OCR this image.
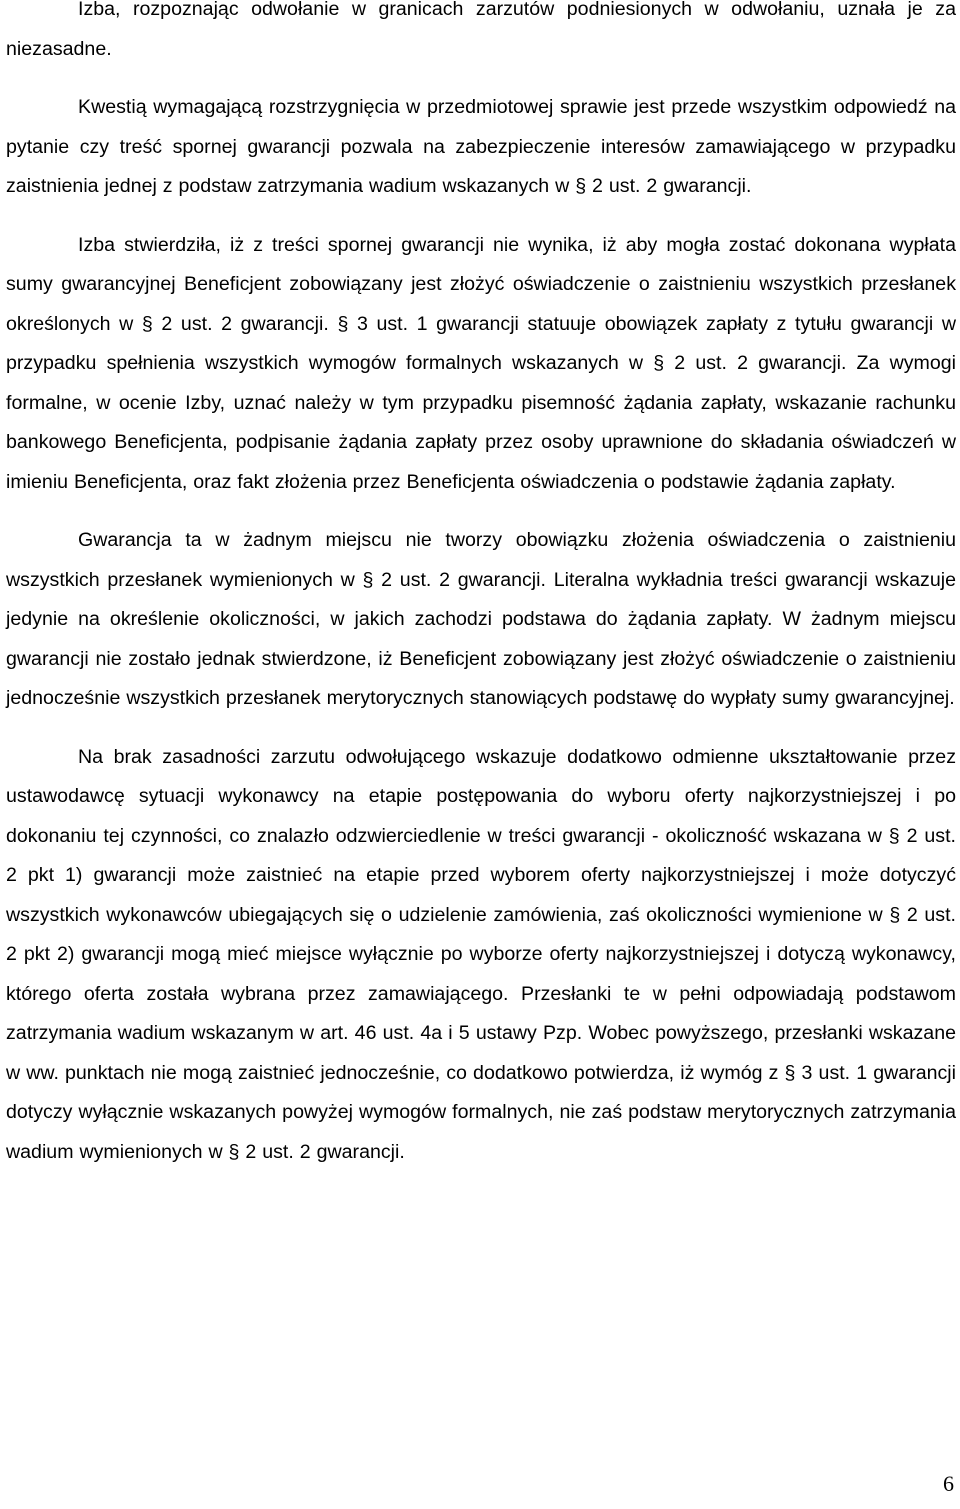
Izba, rozpoznając odwołanie w granicach zarzutów podniesionych w odwołaniu, uznała je za niezasadne.

Kwestią wymagającą rozstrzygnięcia w przedmiotowej sprawie jest przede wszystkim odpowiedź na pytanie czy treść spornej gwarancji pozwala na zabezpieczenie interesów zamawiającego w przypadku zaistnienia jednej z podstaw zatrzymania wadium wskazanych w § 2 ust. 2 gwarancji.

Izba stwierdziła, iż z treści spornej gwarancji nie wynika, iż aby mogła zostać dokonana wypłata sumy gwarancyjnej Beneficjent zobowiązany jest złożyć oświadczenie o zaistnieniu wszystkich przesłanek określonych w § 2 ust. 2 gwarancji. § 3 ust. 1 gwarancji statuuje obowiązek zapłaty z tytułu gwarancji w przypadku spełnienia wszystkich wymogów formalnych wskazanych w § 2 ust. 2 gwarancji. Za wymogi formalne, w ocenie Izby, uznać należy w tym przypadku pisemność żądania zapłaty, wskazanie rachunku bankowego Beneficjenta, podpisanie żądania zapłaty przez osoby uprawnione do składania oświadczeń w imieniu Beneficjenta, oraz fakt złożenia przez Beneficjenta oświadczenia o podstawie żądania zapłaty.

Gwarancja ta w żadnym miejscu nie tworzy obowiązku złożenia oświadczenia o zaistnieniu wszystkich przesłanek wymienionych w § 2 ust. 2 gwarancji. Literalna wykładnia treści gwarancji wskazuje jedynie na określenie okoliczności, w jakich zachodzi podstawa do żądania zapłaty. W żadnym miejscu gwarancji nie zostało jednak stwierdzone, iż Beneficjent zobowiązany jest złożyć oświadczenie o zaistnieniu jednocześnie wszystkich przesłanek merytorycznych stanowiących podstawę do wypłaty sumy gwarancyjnej.

Na brak zasadności zarzutu odwołującego wskazuje dodatkowo odmienne ukształtowanie przez ustawodawcę sytuacji wykonawcy na etapie postępowania do wyboru oferty najkorzystniejszej i po dokonaniu tej czynności, co znalazło odzwierciedlenie w treści gwarancji - okoliczność wskazana w § 2 ust. 2 pkt 1) gwarancji może zaistnieć na etapie przed wyborem oferty najkorzystniejszej i może dotyczyć wszystkich wykonawców ubiegających się o udzielenie zamówienia, zaś okoliczności wymienione w § 2 ust. 2 pkt 2) gwarancji mogą mieć miejsce wyłącznie po wyborze oferty najkorzystniejszej i dotyczą wykonawcy, którego oferta została wybrana przez zamawiającego. Przesłanki te w pełni odpowiadają podstawom zatrzymania wadium wskazanym w art. 46 ust. 4a i 5 ustawy Pzp. Wobec powyższego, przesłanki wskazane w ww. punktach nie mogą zaistnieć jednocześnie, co dodatkowo potwierdza, iż wymóg z § 3 ust. 1 gwarancji dotyczy wyłącznie wskazanych powyżej wymogów formalnych, nie zaś podstaw merytorycznych zatrzymania wadium wymienionych w § 2 ust. 2 gwarancji.

6
